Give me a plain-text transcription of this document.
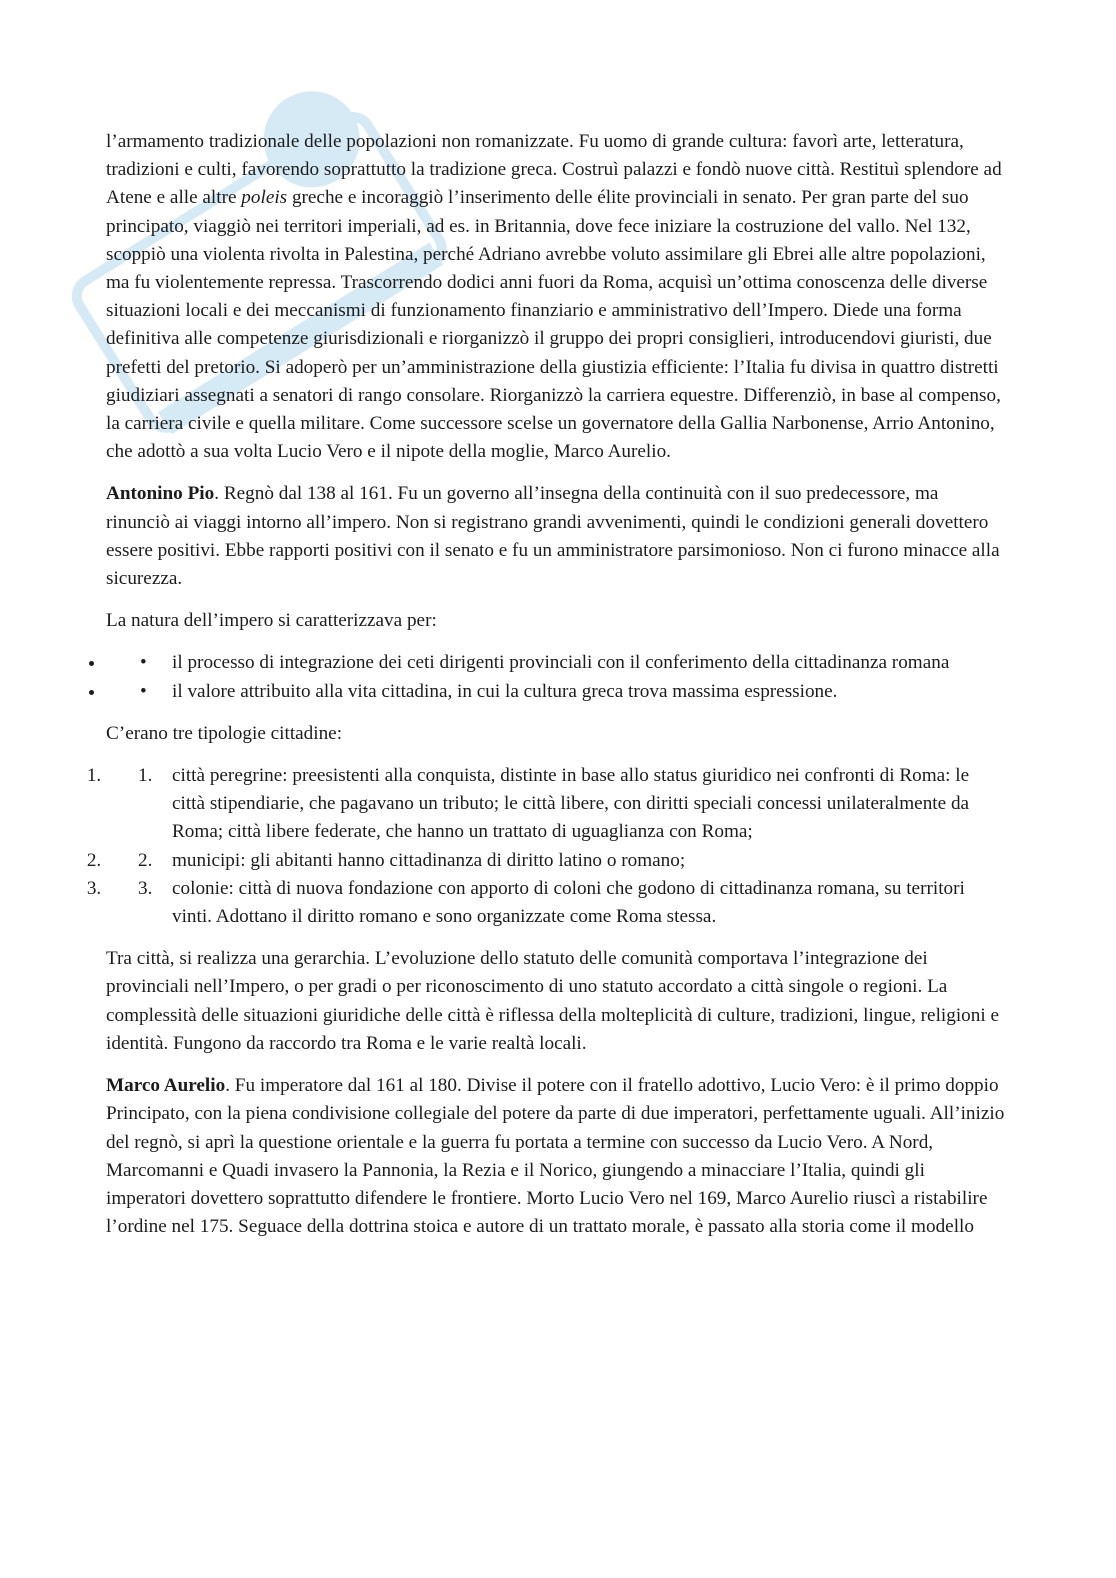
l’armamento tradizionale delle popolazioni non romanizzate. Fu uomo di grande cultura: favorì arte, letteratura, tradizioni e culti, favorendo soprattutto la tradizione greca. Costruì palazzi e fondò nuove città. Restituì splendore ad Atene e alle altre poleis greche e incoraggiò l’inserimento delle élite provinciali in senato. Per gran parte del suo principato, viaggiò nei territori imperiali, ad es. in Britannia, dove fece iniziare la costruzione del vallo. Nel 132, scoppiò una violenta rivolta in Palestina, perché Adriano avrebbe voluto assimilare gli Ebrei alle altre popolazioni, ma fu violentemente repressa. Trascorrendo dodici anni fuori da Roma, acquisì un’ottima conoscenza delle diverse situazioni locali e dei meccanismi di funzionamento finanziario e amministrativo dell’Impero. Diede una forma definitiva alle competenze giurisdizionali e riorganizzò il gruppo dei propri consiglieri, introducendovi giuristi, due prefetti del pretorio. Si adoperò per un’amministrazione della giustizia efficiente: l’Italia fu divisa in quattro distretti giudiziari assegnati a senatori di rango consolare. Riorganizzò la carriera equestre. Differenziò, in base al compenso, la carriera civile e quella militare. Come successore scelse un governatore della Gallia Narbonense, Arrio Antonino, che adottò a sua volta Lucio Vero e il nipote della moglie, Marco Aurelio.

Antonino Pio. Regnò dal 138 al 161. Fu un governo all’insegna della continuità con il suo predecessore, ma rinunciò ai viaggi intorno all’impero. Non si registrano grandi avvenimenti, quindi le condizioni generali dovettero essere positivi. Ebbe rapporti positivi con il senato e fu un amministratore parsimonioso. Non ci furono minacce alla sicurezza.

La natura dell’impero si caratterizzava per:

• • il processo di integrazione dei ceti dirigenti provinciali con il conferimento della cittadinanza romana
• • il valore attribuito alla vita cittadina, in cui la cultura greca trova massima espressione.

C’erano tre tipologie cittadine:

1. 1. città peregrine: preesistenti alla conquista, distinte in base allo status giuridico nei confronti di Roma: le città stipendiarie, che pagavano un tributo; le città libere, con diritti speciali concessi unilateralmente da Roma; città libere federate, che hanno un trattato di uguaglianza con Roma;
2. 2. municipi: gli abitanti hanno cittadinanza di diritto latino o romano;
3. 3. colonie: città di nuova fondazione con apporto di coloni che godono di cittadinanza romana, su territori vinti. Adottano il diritto romano e sono organizzate come Roma stessa.

Tra città, si realizza una gerarchia. L’evoluzione dello statuto delle comunità comportava l’integrazione dei provinciali nell’Impero, o per gradi o per riconoscimento di uno statuto accordato a città singole o regioni. La complessità delle situazioni giuridiche delle città è riflessa della molteplicità di culture, tradizioni, lingue, religioni e identità. Fungono da raccordo tra Roma e le varie realtà locali.

Marco Aurelio. Fu imperatore dal 161 al 180. Divise il potere con il fratello adottivo, Lucio Vero: è il primo doppio Principato, con la piena condivisione collegiale del potere da parte di due imperatori, perfettamente uguali. All’inizio del regnò, si aprì la questione orientale e la guerra fu portata a termine con successo da Lucio Vero. A Nord, Marcomanni e Quadi invasero la Pannonia, la Rezia e il Norico, giungendo a minacciare l’Italia, quindi gli imperatori dovettero soprattutto difendere le frontiere. Morto Lucio Vero nel 169, Marco Aurelio riuscì a ristabilire l’ordine nel 175. Seguace della dottrina stoica e autore di un trattato morale, è passato alla storia come il modello
